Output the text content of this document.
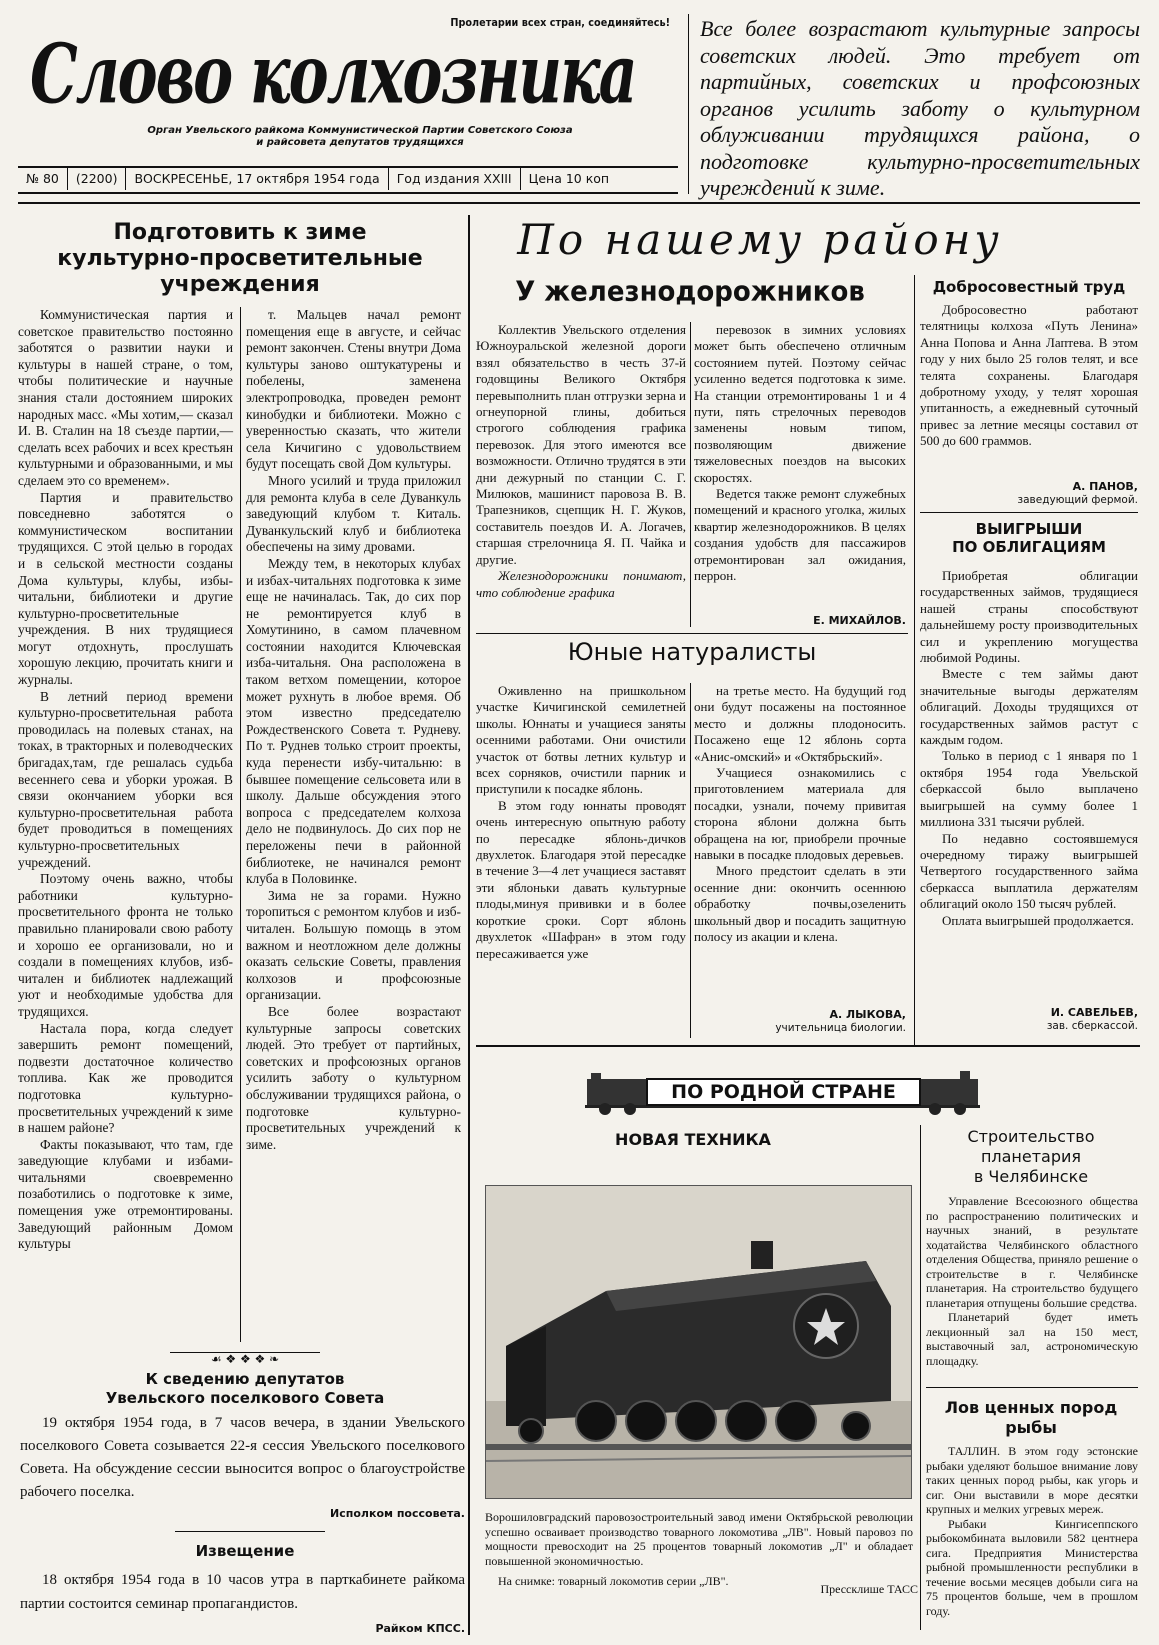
Пролетарии всех стран, соединяйтесь!
Слово колхозника
Орган Увельского райкома Коммунистической Партии Советского Союза
и райсовета депутатов трудящихся
№ 80 (2200) ВОСКРЕСЕНЬЕ, 17 октября 1954 года Год издания XXIII Цена 10 коп
Все более возрастают культурные запросы советских людей. Это требует от партийных, советских и профсоюзных органов усилить заботу о культурном облуживании трудящихся района, о подготовке культурно-просветительных учреждений к зиме.
Подготовить к зиме культурно-просветительные учреждения

Коммунистическая партия и советское правительство постоянно заботятся о развитии науки и культуры в нашей стране, о том, чтобы политические и научные знания стали достоянием широких народных масс. «Мы хотим,— сказал И. В. Сталин на 18 съезде партии,—сделать всех рабочих и всех крестьян культурными и образованными, и мы сделаем это со временем».

Партия и правительство повседневно заботятся о коммунистическом воспитании трудящихся. С этой целью в городах и в сельской местности созданы Дома культуры, клубы, избы-читальни, библиотеки и другие культурно-просветительные учреждения. В них трудящиеся могут отдохнуть, прослушать хорошую лекцию, прочитать книги и журналы.

В летний период времени культурно-просветительная работа проводилась на полевых станах, на токах, в тракторных и полеводческих бригадах,там, где решалась судьба весеннего сева и уборки урожая. В связи окончанием уборки вся культурно-просветительная работа будет проводиться в помещениях культурно-просветительных учреждений.

Поэтому очень важно, чтобы работники культурно-просветительного фронта не только правильно планировали свою работу и хорошо ее организовали, но и создали в помещениях клубов, изб-читален и библиотек надлежащий уют и необходимые удобства для трудящихся.

Настала пора, когда следует завершить ремонт помещений, подвезти достаточное количество топлива. Как же проводится подготовка культурно-просветительных учреждений к зиме в нашем районе?

Факты показывают, что там, где заведующие клубами и избами-читальнями своевременно позаботились о подготовке к зиме, помещения уже отремонтированы. Заведующий районным Домом культуры

т. Мальцев начал ремонт помещения еще в августе, и сейчас ремонт закончен. Стены внутри Дома культуры заново оштукатурены и побелены, заменена электропроводка, проведен ремонт кинобудки и библиотеки. Можно с уверенностью сказать, что жители села Кичигино с удовольствием будут посещать свой Дом культуры.

Много усилий и труда приложил для ремонта клуба в селе Дуванкуль заведующий клубом т. Киталь. Дуванкульский клуб и библиотека обеспечены на зиму дровами.

Между тем, в некоторых клубах и избах-читальнях подготовка к зиме еще не начиналась. Так, до сих пор не ремонтируется клуб в Хомутинино, в самом плачевном состоянии находится Ключевская изба-читальня. Она расположена в таком ветхом помещении, которое может рухнуть в любое время. Об этом известно председателю Рождественского Совета т. Рудневу. По т. Руднев только строит проекты, куда перенести избу-читальню: в бывшее помещение сельсовета или в школу. Дальше обсуждения этого вопроса с председателем колхоза дело не подвинулось. До сих пор не переложены печи в районной библиотеке, не начинался ремонт клуба в Половинке.

Зима не за горами. Нужно торопиться с ремонтом клубов и изб-читален. Большую помощь в этом важном и неотложном деле должны оказать сельские Советы, правления колхозов и профсоюзные организации.

Все более возрастают культурные запросы советских людей. Это требует от партийных, советских и профсоюзных органов усилить заботу о культурном обслуживании трудящихся района, о подготовке культурно-просветительных учреждений к зиме.

☙ ❖ ❖ ❖ ❧
К сведению депутатов
Увельского поселкового Совета
19 октября 1954 года, в 7 часов вечера, в здании Увельского поселкового Совета созывается 22-я сессия Увельского поселкового Совета. На обсуждение сессии выносится вопрос о благоустройстве рабочего поселка.
Исполком поссовета.
Извещение
18 октября 1954 года в 10 часов утра в парткабинете райкома партии состоится семинар пропагандистов.
Райком КПСС.
По нашему району
У железнодорожников

Коллектив Увельского отделения Южноуральской железной дороги взял обязательство в честь 37-й годовщины Великого Октября перевыполнить план отгрузки зерна и огнеупорной глины, добиться строгого соблюдения графика перевозок. Для этого имеются все возможности. Отлично трудятся в эти дни дежурный по станции С. Г. Милюков, машинист паровоза В. В. Трапезников, сцепщик Н. Г. Жуков, составитель поездов И. А. Логачев, старшая стрелочница Я. П. Чайка и другие.

Железнодорожники понимают, что соблюдение графика

перевозок в зимних условиях может быть обеспечено отличным состоянием путей. Поэтому сейчас усиленно ведется подготовка к зиме. На станции отремонтированы 1 и 4 пути, пять стрелочных переводов заменены новым типом, позволяющим движение тяжеловесных поездов на высоких скоростях.

Ведется также ремонт служебных помещений и красного уголка, жилых квартир железнодорожников. В целях создания удобств для пассажиров отремонтирован зал ожидания, перрон.

Е. МИХАЙЛОВ.
Юные натуралисты

Оживленно на пришкольном участке Кичигинской семилетней школы. Юннаты и учащиеся заняты осенними работами. Они очистили участок от ботвы летних культур и всех сорняков, очистили парник и приступили к посадке яблонь.

В этом году юннаты проводят очень интересную опытную работу по пересадке яблонь-дичков двухлеток. Благодаря этой пересадке в течение 3—4 лет учащиеся заставят эти яблоньки давать культурные плоды,минуя прививки и в более короткие сроки. Сорт яблонь двухлеток «Шафран» в этом году пересаживается уже

на третье место. На будущий год они будут посажены на постоянное место и должны плодоносить. Посажено еще 12 яблонь сорта «Анис-омский» и «Октябрьский».

Учащиеся ознакомились с приготовлением материала для посадки, узнали, почему привитая сторона яблони должна быть обращена на юг, приобрели прочные навыки в посадке плодовых деревьев.

Много предстоит сделать в эти осенние дни: окончить осеннюю обработку почвы,озеленить школьный двор и посадить защитную полосу из акации и клена.

А. ЛЫКОВА,
учительница биологии.
Добросовестный труд

Добросовестно работают телятницы колхоза «Путь Ленина» Анна Попова и Анна Лаптева. В этом году у них было 25 голов телят, и все телята сохранены. Благодаря добротному уходу, у телят хорошая упитанность, а ежедневный суточный привес за летние месяцы составил от 500 до 600 граммов.

А. ПАНОВ,
заведующий фермой.
ВЫИГРЫШИ
ПО ОБЛИГАЦИЯМ

Приобретая облигации государственных займов, трудящиеся нашей страны способствуют дальнейшему росту производительных сил и укреплению могущества любимой Родины.

Вместе с тем займы дают значительные выгоды держателям облигаций. Доходы трудящихся от государственных займов растут с каждым годом.

Только в период с 1 января по 1 октября 1954 года Увельской сберкассой было выплачено выигрышей на сумму более 1 миллиона 331 тысячи рублей.

По недавно состоявшемуся очередному тиражу выигрышей Четвертого государственного займа сберкасса выплатила держателям облигаций около 150 тысяч рублей.

Оплата выигрышей продолжается.

И. САВЕЛЬЕВ,
зав. сберкассой.
ПО РОДНОЙ СТРАНЕ
НОВАЯ ТЕХНИКА
Ворошиловградский паровозостроительный завод имени Октябрьской революции успешно осваивает производство товарного локомотива „ЛВ". Новый паровоз по мощности превосходит на 25 процентов товарный локомотив „Л" и обладает повышенной экономичностью.
На снимке: товарный локомотив серии „ЛВ".
Прессклише ТАСС
Строительство
планетария
в Челябинске

Управление Всесоюзного общества по распространению политических и научных знаний, в результате ходатайства Челябинского областного отделения Общества, приняло решение о строительстве в г. Челябинске планетария. На строительство будущего планетария отпущены большие средства.

Планетарий будет иметь лекционный зал на 150 мест, выставочный зал, астрономическую площадку.

Лов ценных пород
рыбы

ТАЛЛИН. В этом году эстонские рыбаки уделяют большое внимание лову таких ценных пород рыбы, как угорь и сиг. Они выставили в море десятки крупных и мелких угревых мереж.

Рыбаки Кингисеппского рыбокомбината выловили 582 центнера сига. Предприятия Министерства рыбной промышленности республики в течение восьми месяцев добыли сига на 75 процентов больше, чем в прошлом году.
